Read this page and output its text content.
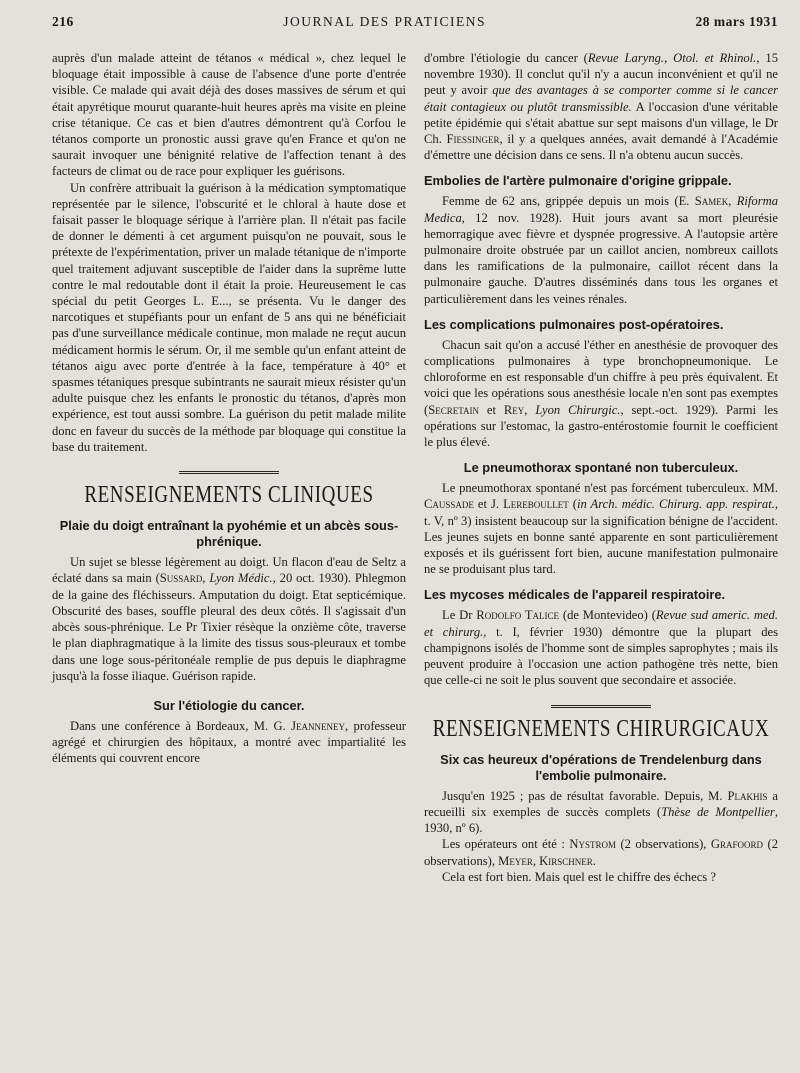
216	JOURNAL DES PRATICIENS	28 mars 1931

auprès d'un malade atteint de tétanos « médical », chez lequel le bloquage était impossible à cause de l'absence d'une porte d'entrée visible. Ce malade qui avait déjà des doses massives de sérum et qui était apyrétique mourut quarante-huit heures après ma visite en pleine crise tétanique. Ce cas et bien d'autres démontrent qu'à Corfou le tétanos comporte un pronostic aussi grave qu'en France et qu'on ne saurait invoquer une bénignité relative de l'affection tenant à des facteurs de climat ou de race pour expliquer les guérisons.

Un confrère attribuait la guérison à la médication symptomatique représentée par le silence, l'obscurité et le chloral à haute dose et faisait passer le bloquage sérique à l'arrière plan. Il n'était pas facile de donner le démenti à cet argument puisqu'on ne pouvait, sous le prétexte de l'expérimentation, priver un malade tétanique de n'importe quel traitement adjuvant susceptible de l'aider dans la suprême lutte contre le mal redoutable dont il était la proie. Heureusement le cas spécial du petit Georges L. E..., se présenta. Vu le danger des narcotiques et stupéfiants pour un enfant de 5 ans qui ne bénéficiait pas d'une surveillance médicale continue, mon malade ne reçut aucun médicament hormis le sérum. Or, il me semble qu'un enfant atteint de tétanos aigu avec porte d'entrée à la face, température à 40° et spasmes tétaniques presque subintrants ne saurait mieux résister qu'un adulte puisque chez les enfants le pronostic du tétanos, d'après mon expérience, est tout aussi sombre. La guérison du petit malade milite donc en faveur du succès de la méthode par bloquage qui constitue la base du traitement.

RENSEIGNEMENTS CLINIQUES
Plaie du doigt entraînant la pyohémie et un abcès sous-phrénique.

Un sujet se blesse légèrement au doigt. Un flacon d'eau de Seltz a éclaté dans sa main (Sussard, Lyon Médic., 20 oct. 1930). Phlegmon de la gaine des fléchisseurs. Amputation du doigt. Etat septicémique. Obscurité des bases, souffle pleural des deux côtés. Il s'agissait d'un abcès sous-phrénique. Le Pr Tixier résèque la onzième côte, traverse le plan diaphragmatique à la limite des tissus sous-pleuraux et tombe dans une loge sous-péritonéale remplie de pus depuis le diaphragme jusqu'à la fosse iliaque. Guérison rapide.

Sur l'étiologie du cancer.

Dans une conférence à Bordeaux, M. G. Jeanneney, professeur agrégé et chirurgien des hôpitaux, a montré avec impartialité les éléments qui couvrent encore

d'ombre l'étiologie du cancer (Revue Laryng., Otol. et Rhinol., 15 novembre 1930). Il conclut qu'il n'y a aucun inconvénient et qu'il ne peut y avoir que des avantages à se comporter comme si le cancer était contagieux ou plutôt transmissible. A l'occasion d'une véritable petite épidémie qui s'était abattue sur sept maisons d'un village, le Dr Ch. Fiessinger, il y a quelques années, avait demandé à l'Académie d'émettre une décision dans ce sens. Il n'a obtenu aucun succès.

Embolies de l'artère pulmonaire d'origine grippale.

Femme de 62 ans, grippée depuis un mois (E. Samek, Riforma Medica, 12 nov. 1928). Huit jours avant sa mort pleurésie hemorragique avec fièvre et dyspnée progressive. A l'autopsie artère pulmonaire droite obstruée par un caillot ancien, nombreux caillots dans les ramifications de la pulmonaire, caillot récent dans la pulmonaire gauche. D'autres disséminés dans tous les organes et particulièrement dans les veines rénales.

Les complications pulmonaires post-opératoires.

Chacun sait qu'on a accusé l'éther en anesthésie de provoquer des complications pulmonaires à type bronchopneumonique. Le chloroforme en est responsable d'un chiffre à peu près équivalent. Et voici que les opérations sous anesthésie locale n'en sont pas exemptes (Secretain et Rey, Lyon Chirurgic., sept.-oct. 1929). Parmi les opérations sur l'estomac, la gastro-entérostomie fournit le coefficient le plus élevé.

Le pneumothorax spontané non tuberculeux.

Le pneumothorax spontané n'est pas forcément tuberculeux. MM. Caussade et J. Lereboullet (in Arch. médic. Chirurg. app. respirat., t. V, nº 3) insistent beaucoup sur la signification bénigne de l'accident. Les jeunes sujets en bonne santé apparente en sont particulièrement exposés et ils guérissent fort bien, aucune manifestation pulmonaire ne se produisant plus tard.

Les mycoses médicales de l'appareil respiratoire.

Le Dr Rodolfo Talice (de Montevideo) (Revue sud americ. med. et chirurg., t. I, février 1930) démontre que la plupart des champignons isolés de l'homme sont de simples saprophytes ; mais ils peuvent produire à l'occasion une action pathogène très nette, bien que celle-ci ne soit le plus souvent que secondaire et associée.

RENSEIGNEMENTS CHIRURGICAUX
Six cas heureux d'opérations de Trendelenburg dans l'embolie pulmonaire.

Jusqu'en 1925 ; pas de résultat favorable. Depuis, M. Plakhis a recueilli six exemples de succès complets (Thèse de Montpellier, 1930, nº 6).

Les opérateurs ont été : Nystrom (2 observations), Grafoord (2 observations), Meyer, Kirschner.

Cela est fort bien. Mais quel est le chiffre des échecs ?
